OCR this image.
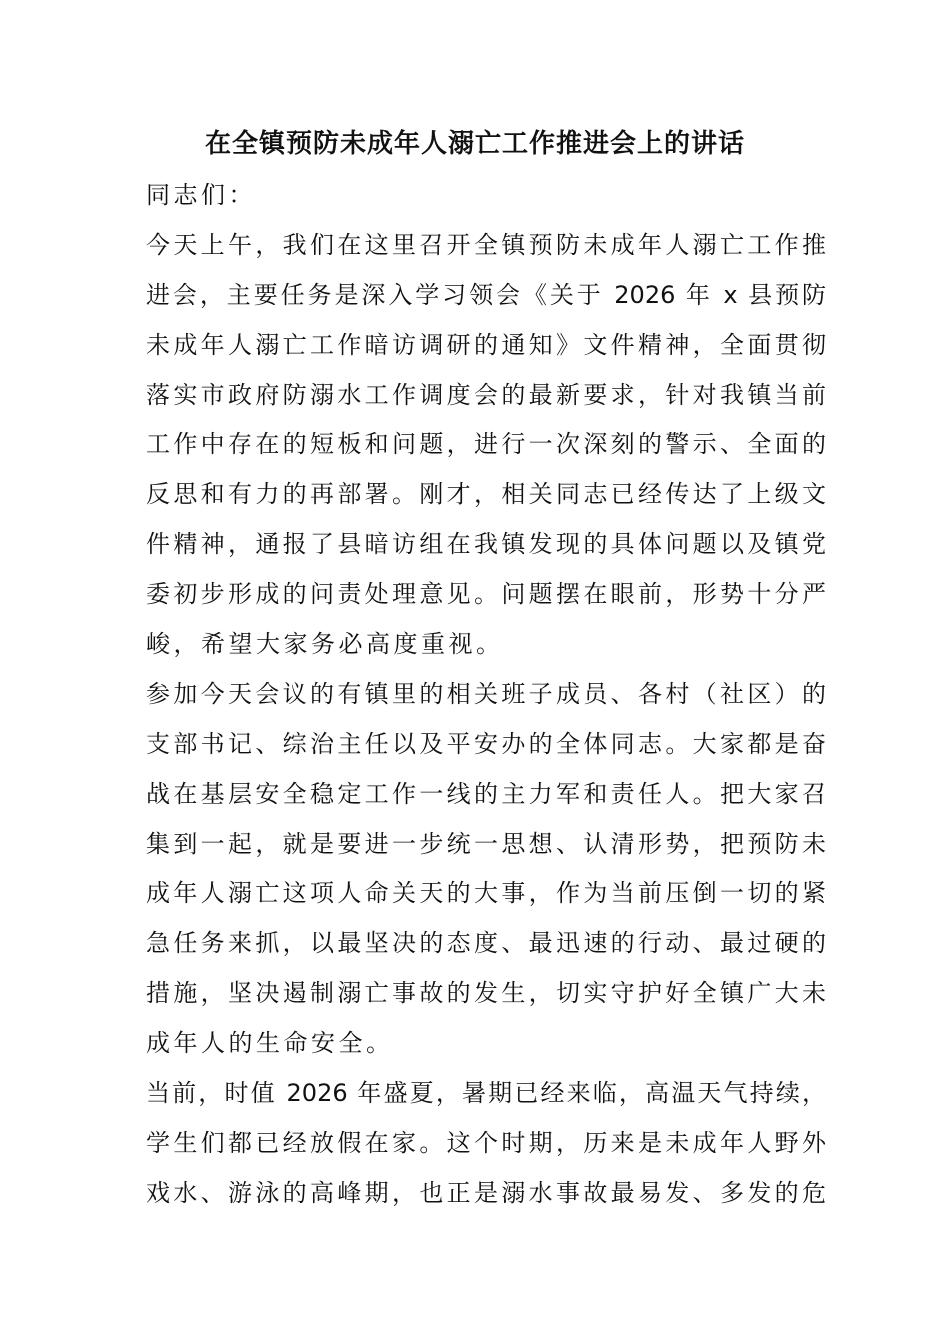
在全镇预防未成年人溺亡工作推进会上的讲话
同志们：
今天上午，我们在这里召开全镇预防未成年人溺亡工作推
进会，主要任务是深入学习领会《关于 2026 年 x 县预防
未成年人溺亡工作暗访调研的通知》文件精神，全面贯彻
落实市政府防溺水工作调度会的最新要求，针对我镇当前
工作中存在的短板和问题，进行一次深刻的警示、全面的
反思和有力的再部署。刚才，相关同志已经传达了上级文
件精神，通报了县暗访组在我镇发现的具体问题以及镇党
委初步形成的问责处理意见。问题摆在眼前，形势十分严
峻，希望大家务必高度重视。
参加今天会议的有镇里的相关班子成员、各村（社区）的
支部书记、综治主任以及平安办的全体同志。大家都是奋
战在基层安全稳定工作一线的主力军和责任人。把大家召
集到一起，就是要进一步统一思想、认清形势，把预防未
成年人溺亡这项人命关天的大事，作为当前压倒一切的紧
急任务来抓，以最坚决的态度、最迅速的行动、最过硬的
措施，坚决遏制溺亡事故的发生，切实守护好全镇广大未
成年人的生命安全。
当前，时值 2026 年盛夏，暑期已经来临，高温天气持续，
学生们都已经放假在家。这个时期，历来是未成年人野外
戏水、游泳的高峰期，也正是溺水事故最易发、多发的危
